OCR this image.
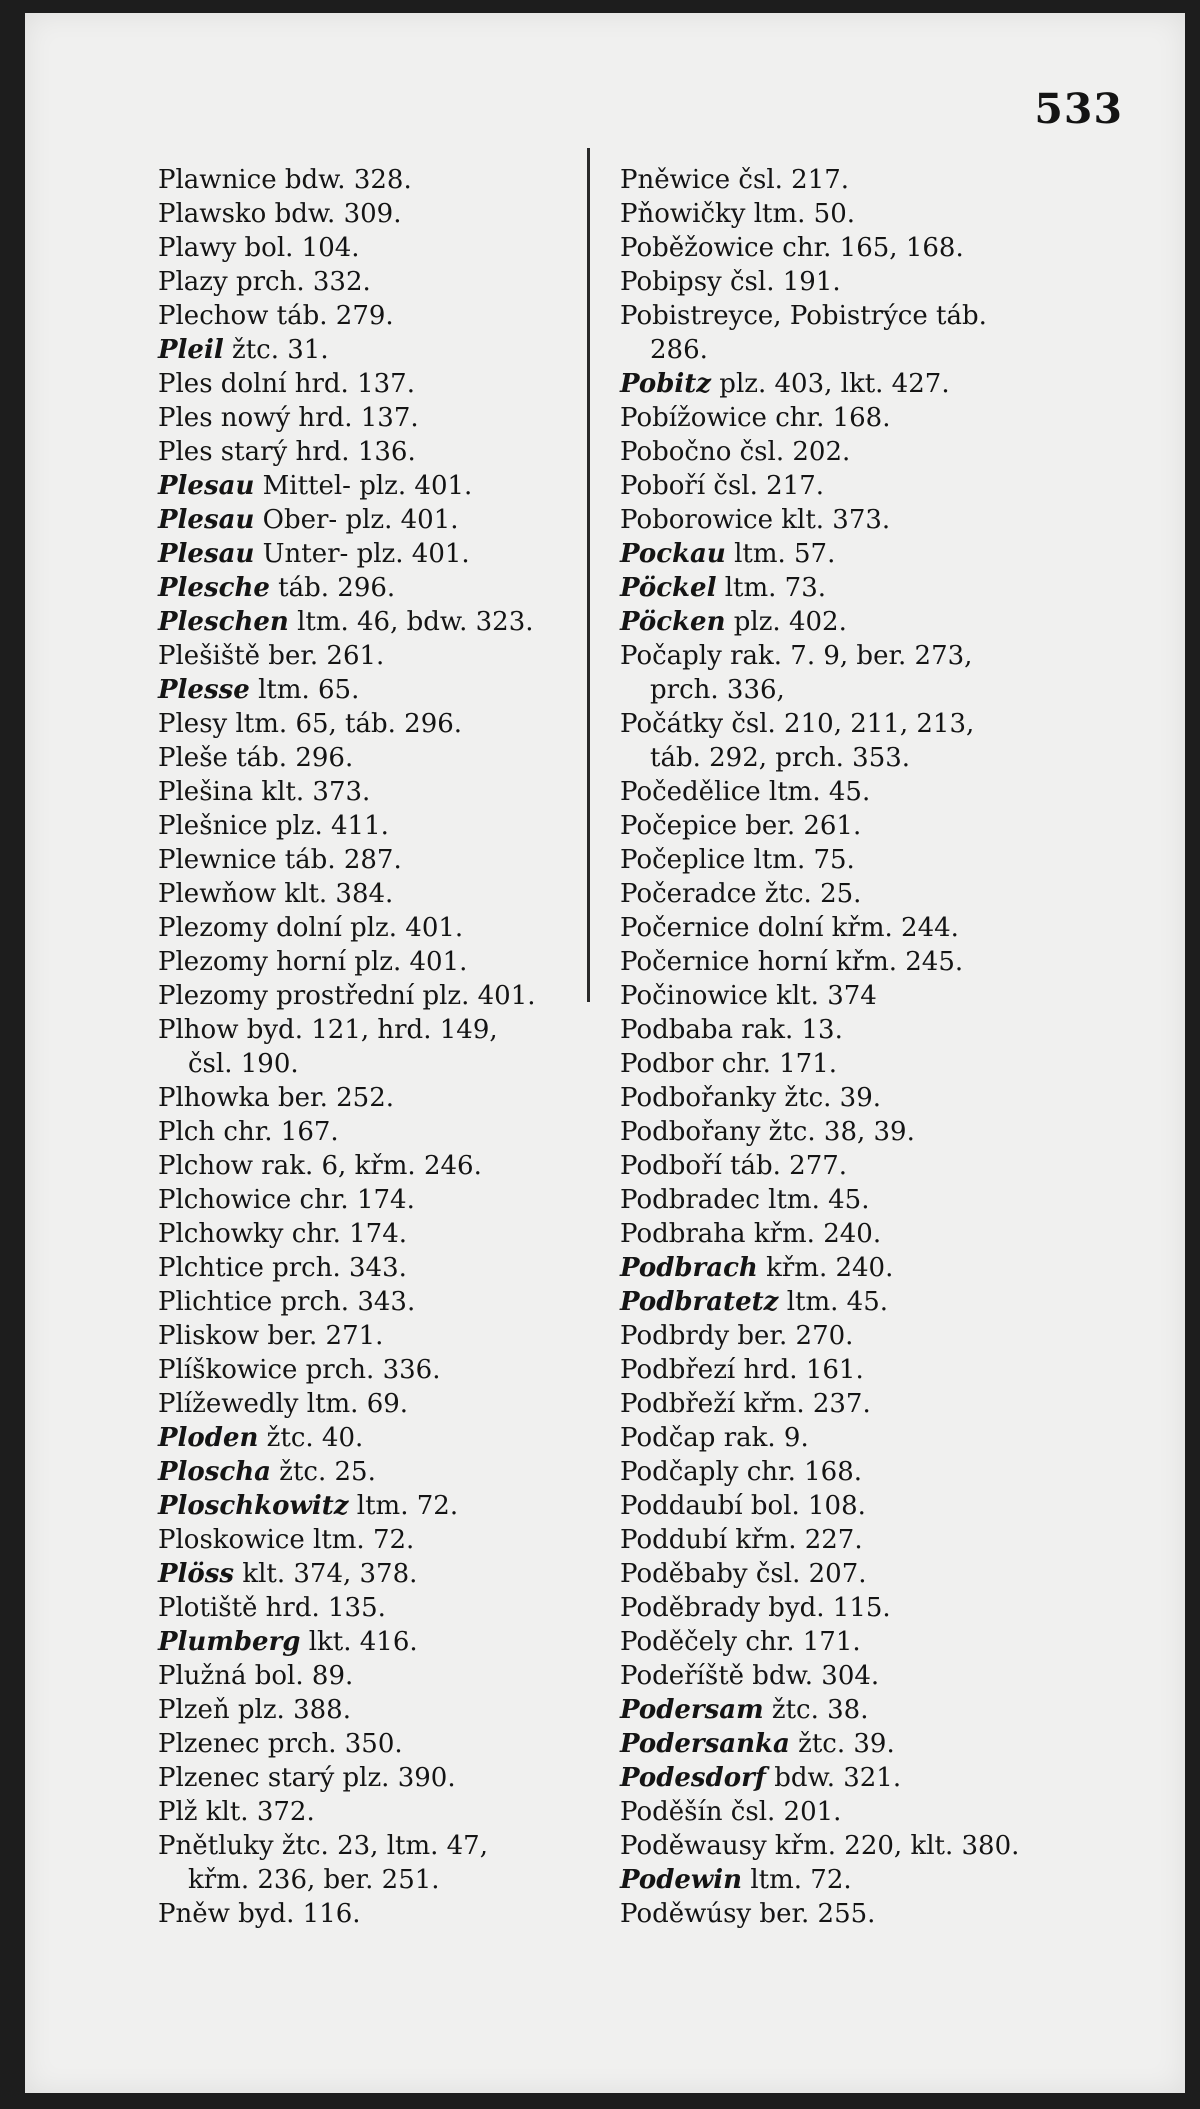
533
Plawnice bdw. 328.
Plawsko bdw. 309.
Plawy bol. 104.
Plazy prch. 332.
Plechow táb. 279.
Pleil žtc. 31.
Ples dolní hrd. 137.
Ples nowý hrd. 137.
Ples starý hrd. 136.
Plesau Mittel- plz. 401.
Plesau Ober- plz. 401.
Plesau Unter- plz. 401.
Plesche táb. 296.
Pleschen ltm. 46, bdw. 323.
Plešiště ber. 261.
Plesse ltm. 65.
Plesy ltm. 65, táb. 296.
Pleše táb. 296.
Plešina klt. 373.
Plešnice plz. 411.
Plewnice táb. 287.
Plewňow klt. 384.
Plezomy dolní plz. 401.
Plezomy horní plz. 401.
Plezomy prostřední plz. 401.
Plhow byd. 121, hrd. 149,
čsl. 190.
Plhowka ber. 252.
Plch chr. 167.
Plchow rak. 6, křm. 246.
Plchowice chr. 174.
Plchowky chr. 174.
Plchtice prch. 343.
Plichtice prch. 343.
Pliskow ber. 271.
Plíškowice prch. 336.
Plížewedly ltm. 69.
Ploden žtc. 40.
Ploscha žtc. 25.
Ploschkowitz ltm. 72.
Ploskowice ltm. 72.
Plöss klt. 374, 378.
Plotiště hrd. 135.
Plumberg lkt. 416.
Plužná bol. 89.
Plzeň plz. 388.
Plzenec prch. 350.
Plzenec starý plz. 390.
Plž klt. 372.
Pnětluky žtc. 23, ltm. 47,
křm. 236, ber. 251.
Pněw byd. 116.
Pněwice čsl. 217.
Pňowičky ltm. 50.
Poběžowice chr. 165, 168.
Pobipsy čsl. 191.
Pobistreyce, Pobistrýce táb.
286.
Pobitz plz. 403, lkt. 427.
Pobížowice chr. 168.
Pobočno čsl. 202.
Poboří čsl. 217.
Poborowice klt. 373.
Pockau ltm. 57.
Pöckel ltm. 73.
Pöcken plz. 402.
Počaply rak. 7. 9, ber. 273,
prch. 336,
Počátky čsl. 210, 211, 213,
táb. 292, prch. 353.
Počedělice ltm. 45.
Počepice ber. 261.
Počeplice ltm. 75.
Počeradce žtc. 25.
Počernice dolní křm. 244.
Počernice horní křm. 245.
Počinowice klt. 374
Podbaba rak. 13.
Podbor chr. 171.
Podbořanky žtc. 39.
Podbořany žtc. 38, 39.
Podboří táb. 277.
Podbradec ltm. 45.
Podbraha křm. 240.
Podbrach křm. 240.
Podbratetz ltm. 45.
Podbrdy ber. 270.
Podbřezí hrd. 161.
Podbřeží křm. 237.
Podčap rak. 9.
Podčaply chr. 168.
Poddaubí bol. 108.
Poddubí křm. 227.
Poděbaby čsl. 207.
Poděbrady byd. 115.
Poděčely chr. 171.
Podeříště bdw. 304.
Podersam žtc. 38.
Podersanka žtc. 39.
Podesdorf bdw. 321.
Poděšín čsl. 201.
Poděwausy křm. 220, klt. 380.
Podewin ltm. 72.
Poděwúsy ber. 255.
